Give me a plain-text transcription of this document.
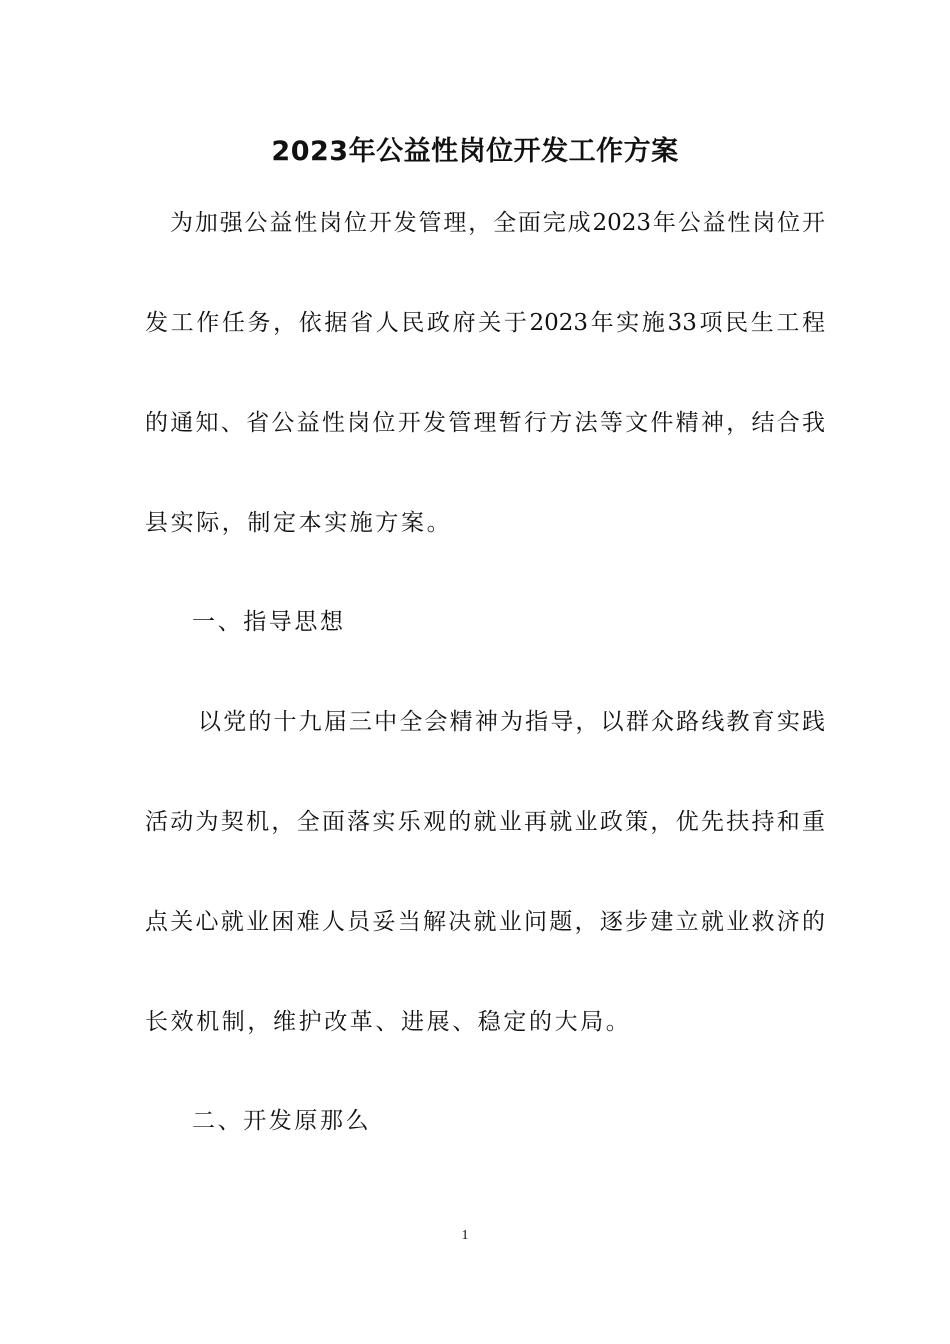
2023年公益性岗位开发工作方案
为加强公益性岗位开发管理，全面完成2023年公益性岗位开
发工作任务，依据省人民政府关于2023年实施33项民生工程
的通知、省公益性岗位开发管理暂行方法等文件精神，结合我
县实际，制定本实施方案。
一、指导思想
以党的十九届三中全会精神为指导，以群众路线教育实践
活动为契机，全面落实乐观的就业再就业政策，优先扶持和重
点关心就业困难人员妥当解决就业问题，逐步建立就业救济的
长效机制，维护改革、进展、稳定的大局。
二、开发原那么
1
